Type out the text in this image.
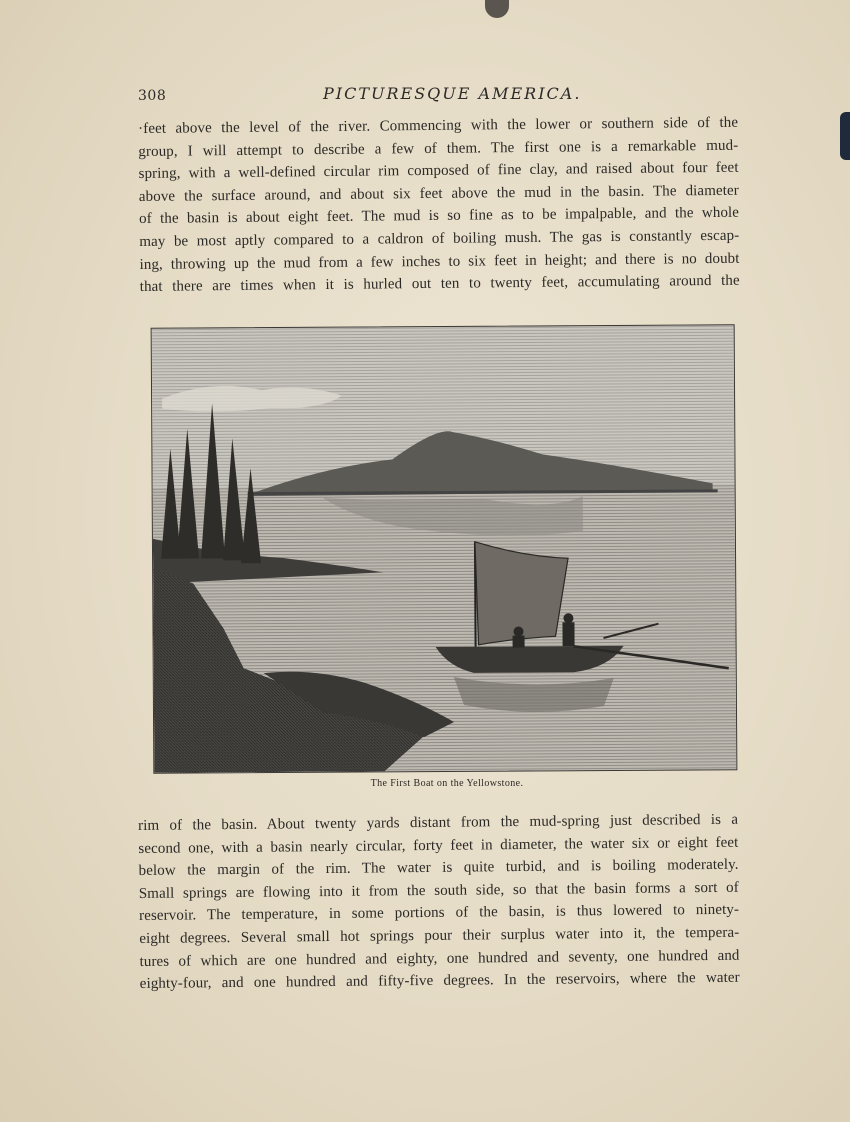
308	PICTURESQUE AMERICA.
·feet above the level of the river. Commencing with the lower or southern side of the
group, I will attempt to describe a few of them. The first one is a remarkable mud-
spring, with a well-defined circular rim composed of fine clay, and raised about four feet
above the surface around, and about six feet above the mud in the basin. The diameter
of the basin is about eight feet. The mud is so fine as to be impalpable, and the whole
may be most aptly compared to a caldron of boiling mush. The gas is constantly escap-
ing, throwing up the mud from a few inches to six feet in height; and there is no doubt
that there are times when it is hurled out ten to twenty feet, accumulating around the
The First Boat on the Yellowstone.
rim of the basin. About twenty yards distant from the mud-spring just described is a
second one, with a basin nearly circular, forty feet in diameter, the water six or eight feet
below the margin of the rim. The water is quite turbid, and is boiling moderately.
Small springs are flowing into it from the south side, so that the basin forms a sort of
reservoir. The temperature, in some portions of the basin, is thus lowered to ninety-
eight degrees. Several small hot springs pour their surplus water into it, the tempera-
tures of which are one hundred and eighty, one hundred and seventy, one hundred and
eighty-four, and one hundred and fifty-five degrees. In the reservoirs, where the water
